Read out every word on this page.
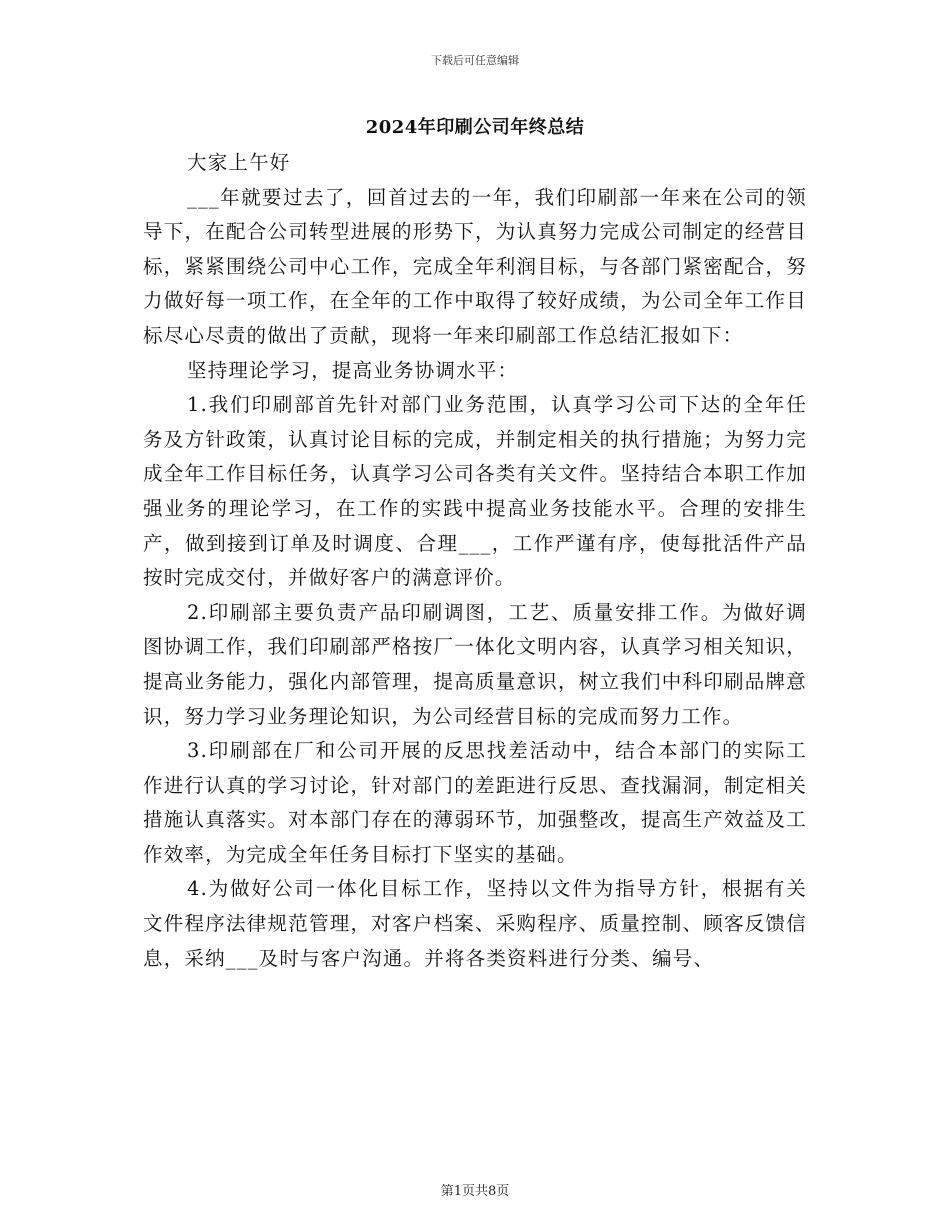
下载后可任意编辑
2024年印刷公司年终总结

大家上午好

___年就要过去了，回首过去的一年，我们印刷部一年来在公司的领导下，在配合公司转型进展的形势下，为认真努力完成公司制定的经营目标，紧紧围绕公司中心工作，完成全年利润目标，与各部门紧密配合，努力做好每一项工作，在全年的工作中取得了较好成绩，为公司全年工作目标尽心尽责的做出了贡献，现将一年来印刷部工作总结汇报如下：

坚持理论学习，提高业务协调水平：

1.我们印刷部首先针对部门业务范围，认真学习公司下达的全年任务及方针政策，认真讨论目标的完成，并制定相关的执行措施；为努力完成全年工作目标任务，认真学习公司各类有关文件。坚持结合本职工作加强业务的理论学习，在工作的实践中提高业务技能水平。合理的安排生产，做到接到订单及时调度、合理___，工作严谨有序，使每批活件产品按时完成交付，并做好客户的满意评价。

2.印刷部主要负责产品印刷调图，工艺、质量安排工作。为做好调图协调工作，我们印刷部严格按厂一体化文明内容，认真学习相关知识，提高业务能力，强化内部管理，提高质量意识，树立我们中科印刷品牌意识，努力学习业务理论知识，为公司经营目标的完成而努力工作。

3.印刷部在厂和公司开展的反思找差活动中，结合本部门的实际工作进行认真的学习讨论，针对部门的差距进行反思、查找漏洞，制定相关措施认真落实。对本部门存在的薄弱环节，加强整改，提高生产效益及工作效率，为完成全年任务目标打下坚实的基础。

4.为做好公司一体化目标工作，坚持以文件为指导方针，根据有关文件程序法律规范管理，对客户档案、采购程序、质量控制、顾客反馈信息，采纳___及时与客户沟通。并将各类资料进行分类、编号、

第1页共8页
